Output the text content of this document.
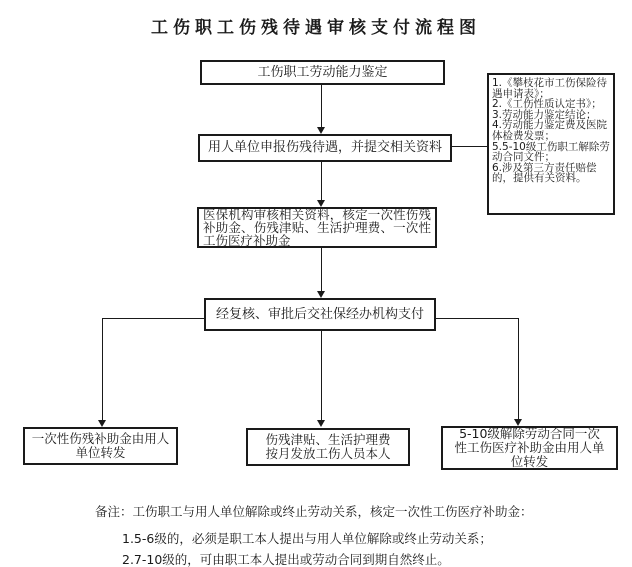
工伤职工伤残待遇审核支付流程图
工伤职工劳动能力鉴定
用人单位申报伤残待遇，并提交相关资料
1.《攀枝花市工伤保险待遇申请表》；
2.《工伤性质认定书》；
3.劳动能力鉴定结论；
4.劳动能力鉴定费及医院体检费发票；
5.5-10级工伤职工解除劳动合同文件；
6.涉及第三方责任赔偿的，提供有关资料。
医保机构审核相关资料，核定一次性伤残补助金、伤残津贴、生活护理费、一次性工伤医疗补助金
经复核、审批后交社保经办机构支付
一次性伤残补助金由用人单位转发
伤残津贴、生活护理费按月发放工伤人员本人
5-10级解除劳动合同一次性工伤医疗补助金由用人单位转发
备注：工伤职工与用人单位解除或终止劳动关系，核定一次性工伤医疗补助金：
1.5-6级的，必须是职工本人提出与用人单位解除或终止劳动关系；
2.7-10级的，可由职工本人提出或劳动合同到期自然终止。
